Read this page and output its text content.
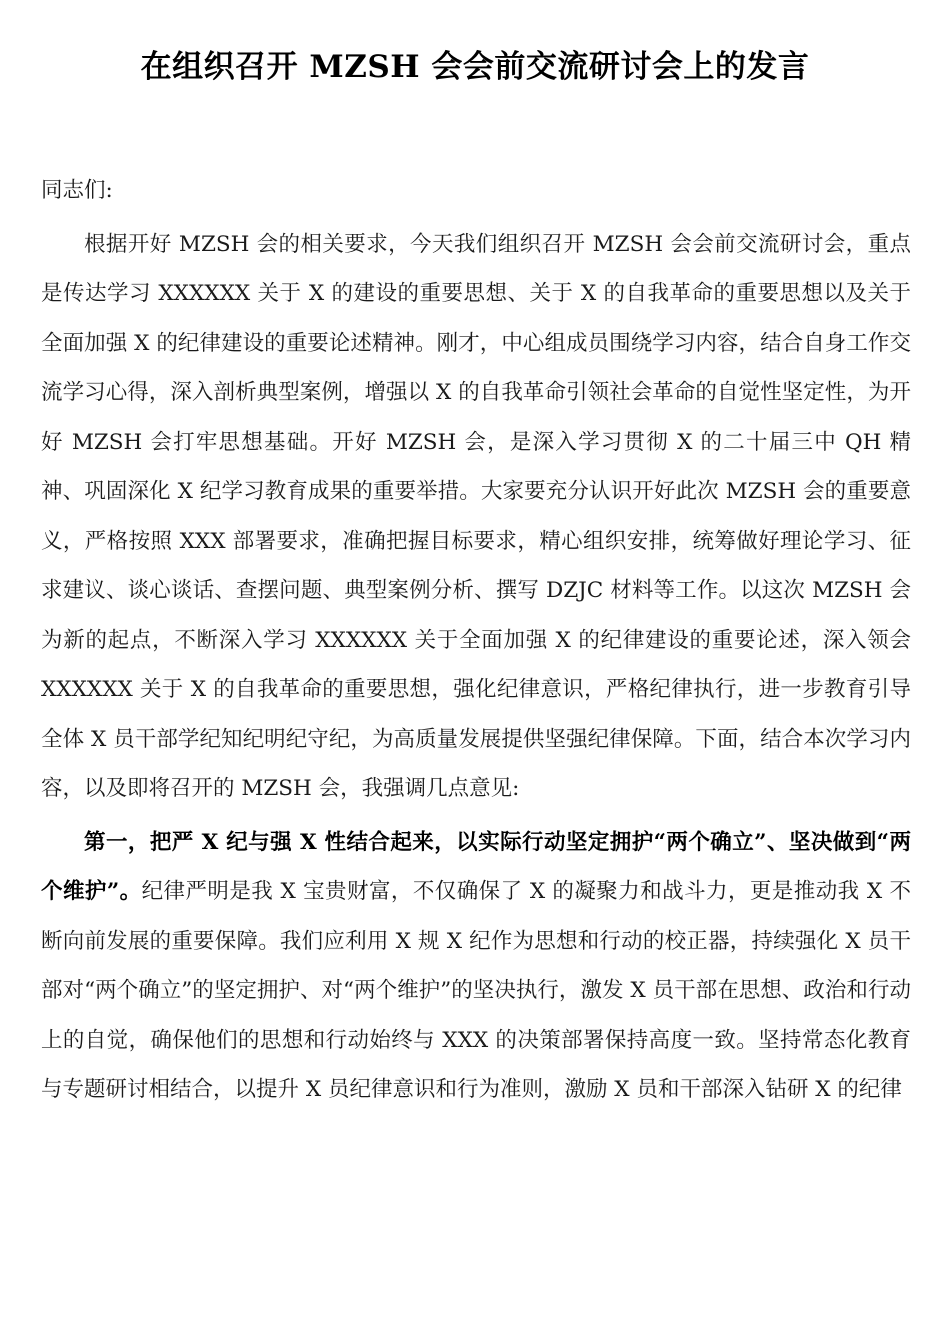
在组织召开 MZSH 会会前交流研讨会上的发言

同志们:

根据开好 MZSH 会的相关要求，今天我们组织召开 MZSH 会会前交流研讨会，重点是传达学习 XXXXXX 关于 X 的建设的重要思想、关于 X 的自我革命的重要思想以及关于全面加强 X 的纪律建设的重要论述精神。刚才，中心组成员围绕学习内容，结合自身工作交流学习心得，深入剖析典型案例，增强以 X 的自我革命引领社会革命的自觉性坚定性，为开好 MZSH 会打牢思想基础。开好 MZSH 会，是深入学习贯彻 X 的二十届三中 QH 精神、巩固深化 X 纪学习教育成果的重要举措。大家要充分认识开好此次 MZSH 会的重要意义，严格按照 XXX 部署要求，准确把握目标要求，精心组织安排，统筹做好理论学习、征求建议、谈心谈话、查摆问题、典型案例分析、撰写 DZJC 材料等工作。以这次 MZSH 会为新的起点，不断深入学习 XXXXXX 关于全面加强 X 的纪律建设的重要论述，深入领会 XXXXXX 关于 X 的自我革命的重要思想，强化纪律意识，严格纪律执行，进一步教育引导全体 X 员干部学纪知纪明纪守纪，为高质量发展提供坚强纪律保障。下面，结合本次学习内容，以及即将召开的 MZSH 会，我强调几点意见:

第一，把严 X 纪与强 X 性结合起来，以实际行动坚定拥护“两个确立”、坚决做到“两个维护”。纪律严明是我 X 宝贵财富，不仅确保了 X 的凝聚力和战斗力，更是推动我 X 不断向前发展的重要保障。我们应利用 X 规 X 纪作为思想和行动的校正器，持续强化 X 员干部对“两个确立”的坚定拥护、对“两个维护”的坚决执行，激发 X 员干部在思想、政治和行动上的自觉，确保他们的思想和行动始终与 XXX 的决策部署保持高度一致。坚持常态化教育与专题研讨相结合，以提升 X 员纪律意识和行为准则，激励 X 员和干部深入钻研 X 的纪律
